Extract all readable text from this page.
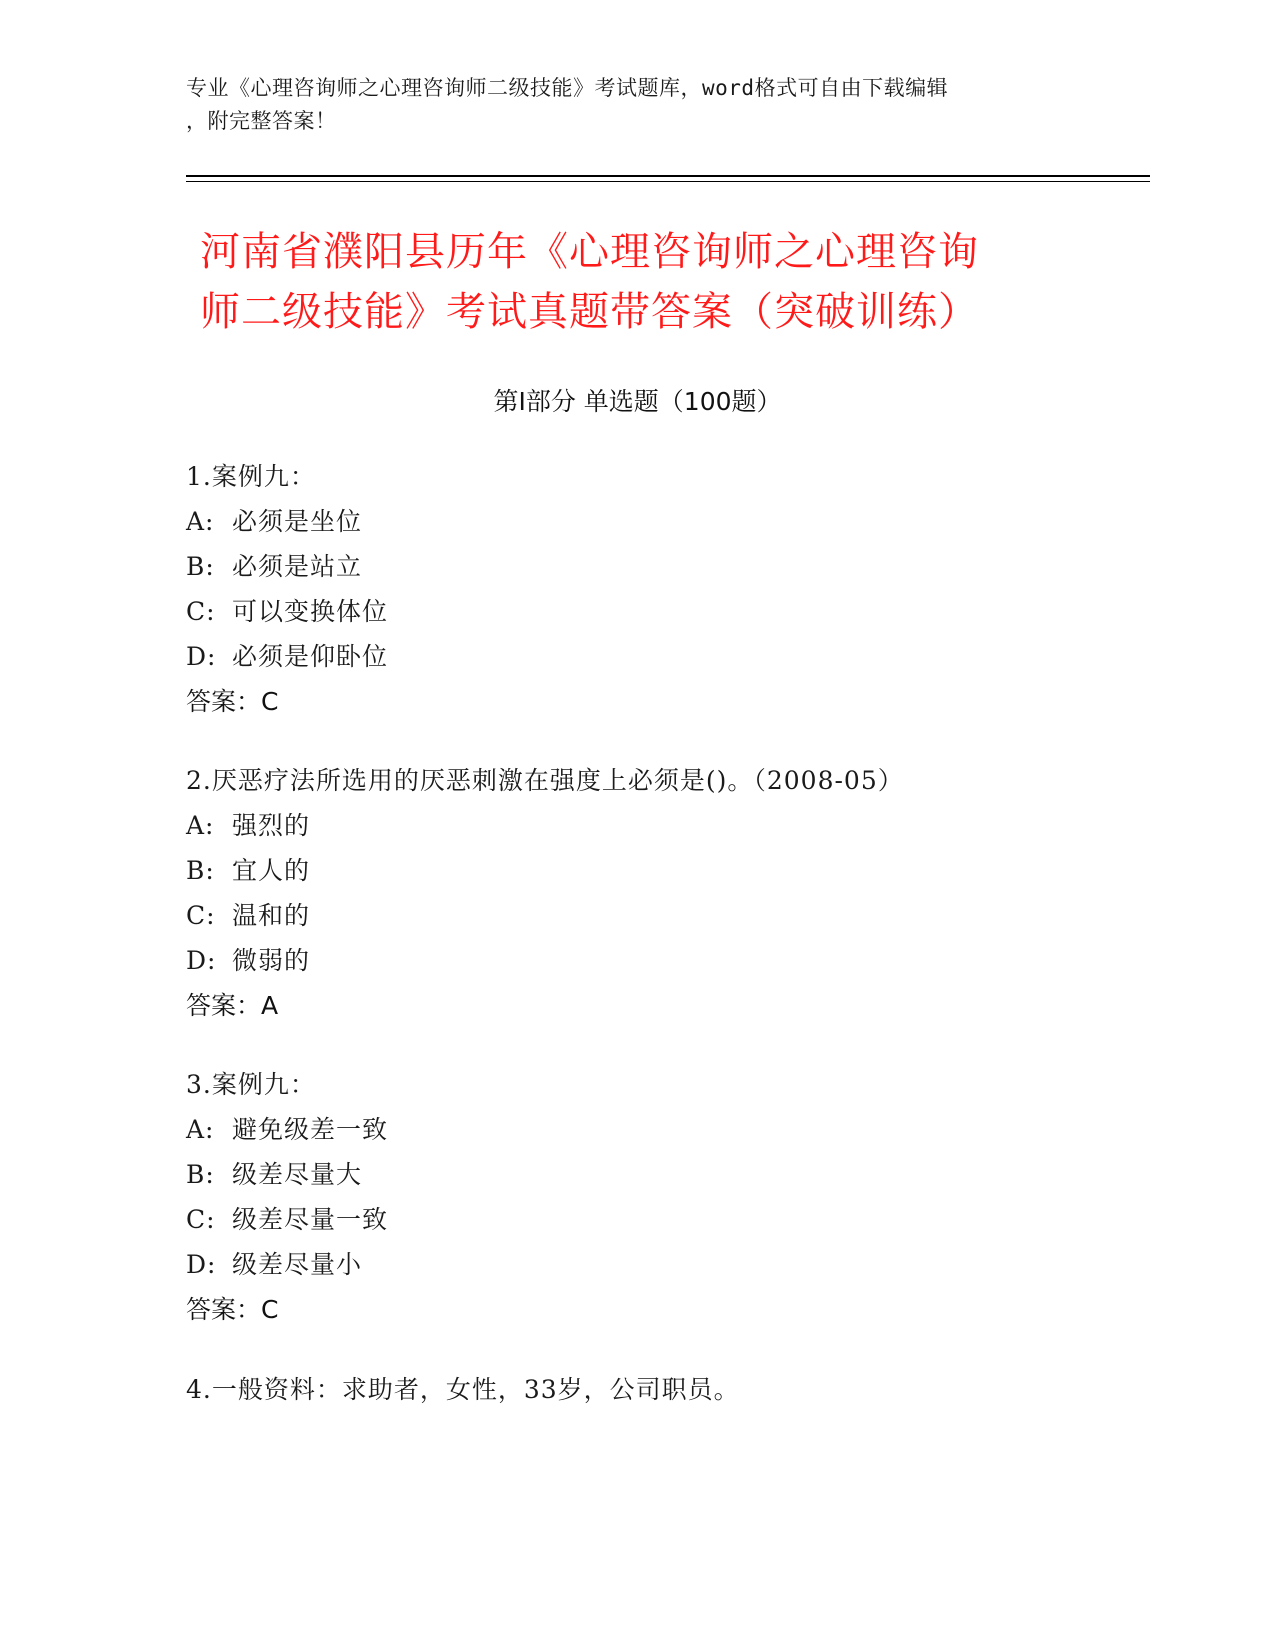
专业《心理咨询师之心理咨询师二级技能》考试题库，word格式可自由下载编辑
，附完整答案！
河南省濮阳县历年《心理咨询师之心理咨询
师二级技能》考试真题带答案（突破训练）
第Ⅰ部分 单选题（100题）
1.案例九：
A: 必须是坐位
B: 必须是站立
C: 可以变换体位
D: 必须是仰卧位
答案：C
2.厌恶疗法所选用的厌恶刺激在强度上必须是()。（2008-05）
A: 强烈的
B: 宜人的
C: 温和的
D: 微弱的
答案：A
3.案例九：
A: 避免级差一致
B: 级差尽量大
C: 级差尽量一致
D: 级差尽量小
答案：C
4.一般资料：求助者，女性，33岁，公司职员。
